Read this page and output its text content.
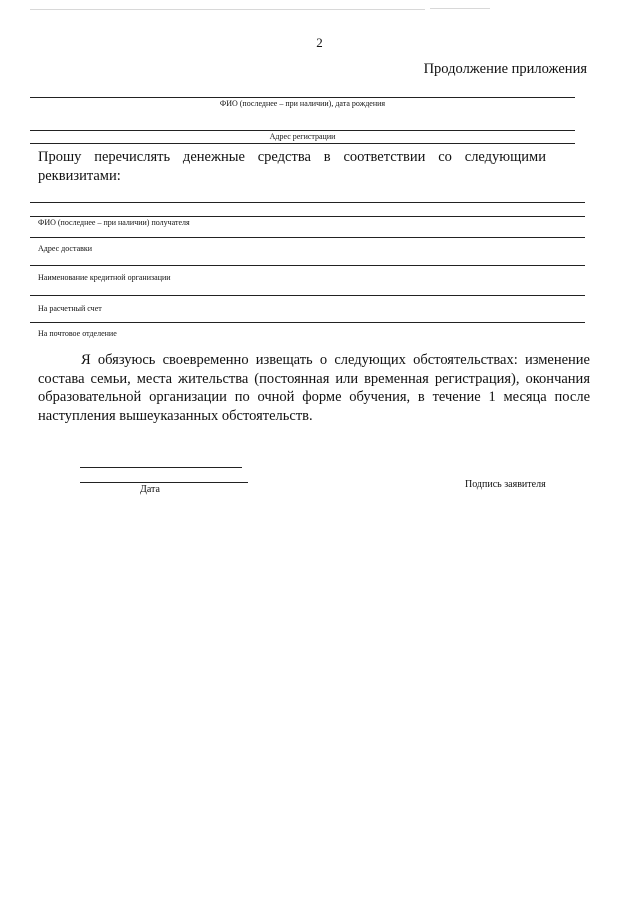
2
Продолжение приложения
ФИО (последнее – при наличии), дата рождения
Адрес регистрации
Прошу перечислять денежные средства в соответствии со следующими реквизитами:
ФИО (последнее – при наличии) получателя
Адрес доставки
Наименование кредитной организации
На расчетный счет
На почтовое отделение
Я обязуюсь своевременно извещать о следующих обстоятельствах: изменение состава семьи, места жительства (постоянная или временная регистрация), окончания образовательной организации по очной форме обучения, в течение 1 месяца после наступления вышеуказанных обстоятельств.
Дата	Подпись заявителя
